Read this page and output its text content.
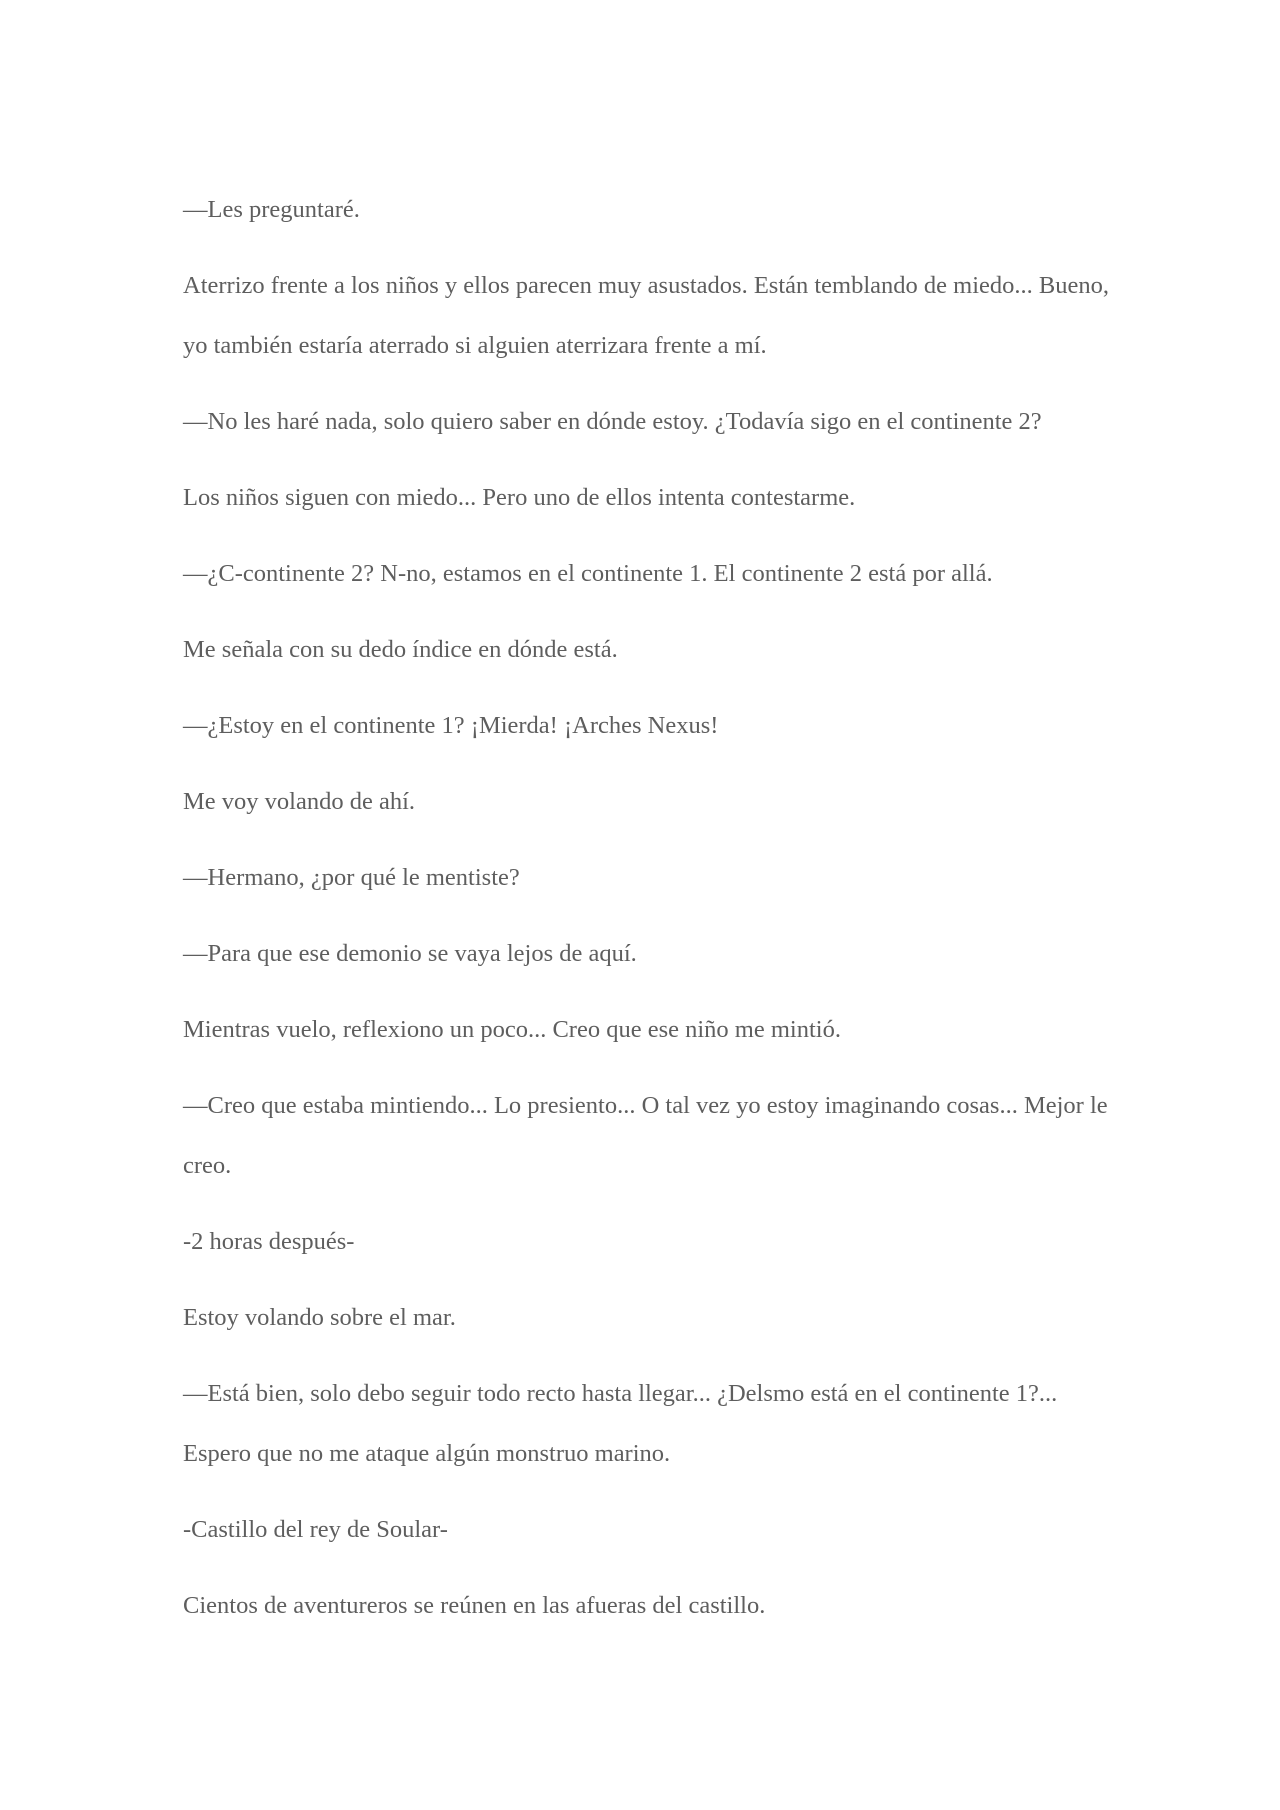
—Les preguntaré.

Aterrizo frente a los niños y ellos parecen muy asustados. Están temblando de miedo... Bueno, yo también estaría aterrado si alguien aterrizara frente a mí.

—No les haré nada, solo quiero saber en dónde estoy. ¿Todavía sigo en el continente 2?

Los niños siguen con miedo... Pero uno de ellos intenta contestarme.

—¿C-continente 2? N-no, estamos en el continente 1. El continente 2 está por allá.

Me señala con su dedo índice en dónde está.

—¿Estoy en el continente 1? ¡Mierda! ¡Arches Nexus!

Me voy volando de ahí.

—Hermano, ¿por qué le mentiste?

—Para que ese demonio se vaya lejos de aquí.

Mientras vuelo, reflexiono un poco... Creo que ese niño me mintió.

—Creo que estaba mintiendo... Lo presiento... O tal vez yo estoy imaginando cosas... Mejor le creo.

-2 horas después-

Estoy volando sobre el mar.

—Está bien, solo debo seguir todo recto hasta llegar... ¿Delsmo está en el continente 1?... Espero que no me ataque algún monstruo marino.

-Castillo del rey de Soular-

Cientos de aventureros se reúnen en las afueras del castillo.
